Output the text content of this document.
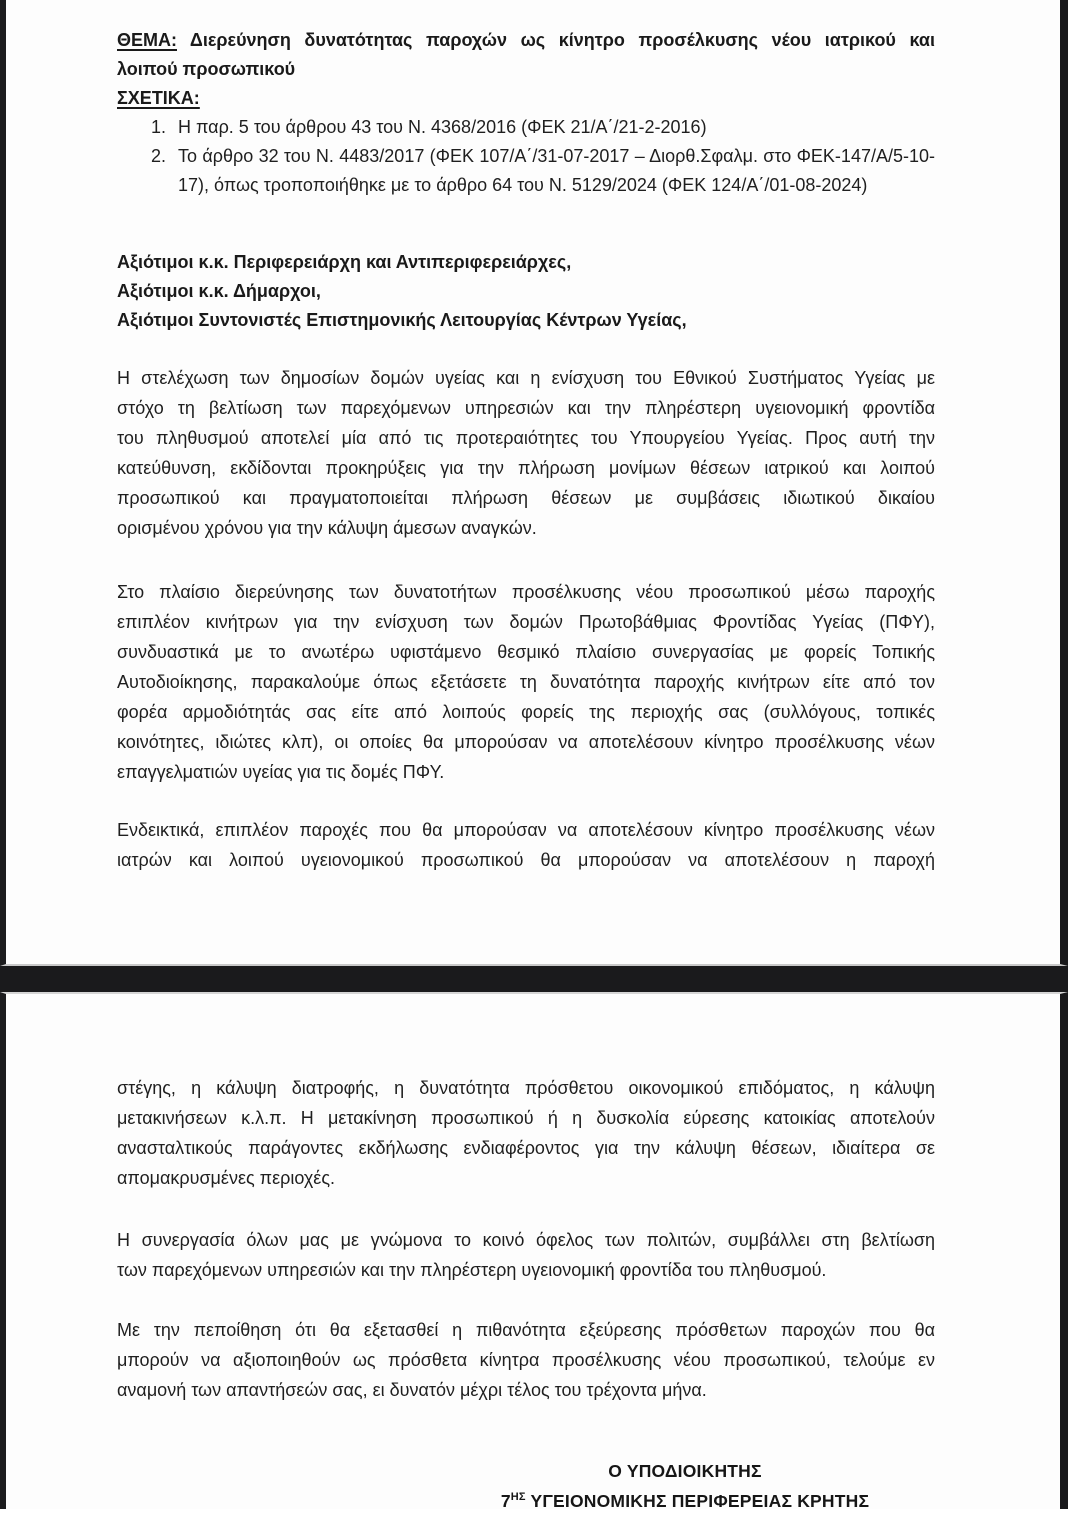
ΘΕΜΑ: Διερεύνηση δυνατότητας παροχών ως κίνητρο προσέλκυσης νέου ιατρικού και
λοιπού προσωπικού
ΣΧΕΤΙΚΑ:
1. Η παρ. 5 του άρθρου 43 του Ν. 4368/2016 (ΦΕΚ 21/Α΄/21-2-2016)
2. Το άρθρο 32 του Ν. 4483/2017 (ΦΕΚ 107/Α΄/31-07-2017 – Διορθ.Σφαλμ. στο ΦΕΚ-147/Α/5-10-
17), όπως τροποποιήθηκε με το άρθρο 64 του Ν. 5129/2024 (ΦΕΚ 124/Α΄/01-08-2024)
Αξιότιμοι κ.κ. Περιφερειάρχη και Αντιπεριφερειάρχες,
Αξιότιμοι κ.κ. Δήμαρχοι,
Αξιότιμοι Συντονιστές Επιστημονικής Λειτουργίας Κέντρων Υγείας,
Η στελέχωση των δημοσίων δομών υγείας και η ενίσχυση του Εθνικού Συστήματος Υγείας με
στόχο τη βελτίωση των παρεχόμενων υπηρεσιών και την πληρέστερη υγειονομική φροντίδα
του πληθυσμού αποτελεί μία από τις προτεραιότητες του Υπουργείου Υγείας. Προς αυτή την
κατεύθυνση, εκδίδονται προκηρύξεις για την πλήρωση μονίμων θέσεων ιατρικού και λοιπού
προσωπικού και πραγματοποιείται πλήρωση θέσεων με συμβάσεις ιδιωτικού δικαίου
ορισμένου χρόνου για την κάλυψη άμεσων αναγκών.
Στο πλαίσιο διερεύνησης των δυνατοτήτων προσέλκυσης νέου προσωπικού μέσω παροχής
επιπλέον κινήτρων για την ενίσχυση των δομών Πρωτοβάθμιας Φροντίδας Υγείας (ΠΦΥ),
συνδυαστικά με το ανωτέρω υφιστάμενο θεσμικό πλαίσιο συνεργασίας με φορείς Τοπικής
Αυτοδιοίκησης, παρακαλούμε όπως εξετάσετε τη δυνατότητα παροχής κινήτρων είτε από τον
φορέα αρμοδιότητάς σας είτε από λοιπούς φορείς της περιοχής σας (συλλόγους, τοπικές
κοινότητες, ιδιώτες κλπ), οι οποίες θα μπορούσαν να αποτελέσουν κίνητρο προσέλκυσης νέων
επαγγελματιών υγείας για τις δομές ΠΦΥ.
Ενδεικτικά, επιπλέον παροχές που θα μπορούσαν να αποτελέσουν κίνητρο προσέλκυσης νέων
ιατρών και λοιπού υγειονομικού προσωπικού θα μπορούσαν να αποτελέσουν η παροχή
στέγης, η κάλυψη διατροφής, η δυνατότητα πρόσθετου οικονομικού επιδόματος, η κάλυψη
μετακινήσεων κ.λ.π. Η μετακίνηση προσωπικού ή η δυσκολία εύρεσης κατοικίας αποτελούν
ανασταλτικούς παράγοντες εκδήλωσης ενδιαφέροντος για την κάλυψη θέσεων, ιδιαίτερα σε
απομακρυσμένες περιοχές.
Η συνεργασία όλων μας με γνώμονα το κοινό όφελος των πολιτών, συμβάλλει στη βελτίωση
των παρεχόμενων υπηρεσιών και την πληρέστερη υγειονομική φροντίδα του πληθυσμού.
Με την πεποίθηση ότι θα εξετασθεί η πιθανότητα εξεύρεσης πρόσθετων παροχών που θα
μπορούν να αξιοποιηθούν ως πρόσθετα κίνητρα προσέλκυσης νέου προσωπικού, τελούμε εν
αναμονή των απαντήσεών σας, ει δυνατόν μέχρι τέλος του τρέχοντα μήνα.
Ο ΥΠΟΔΙΟΙΚΗΤΗΣ
$7^{H\Sigma}$ ΥΓΕΙΟΝΟΜΙΚΗΣ ΠΕΡΙΦΕΡΕΙΑΣ ΚΡΗΤΗΣ
